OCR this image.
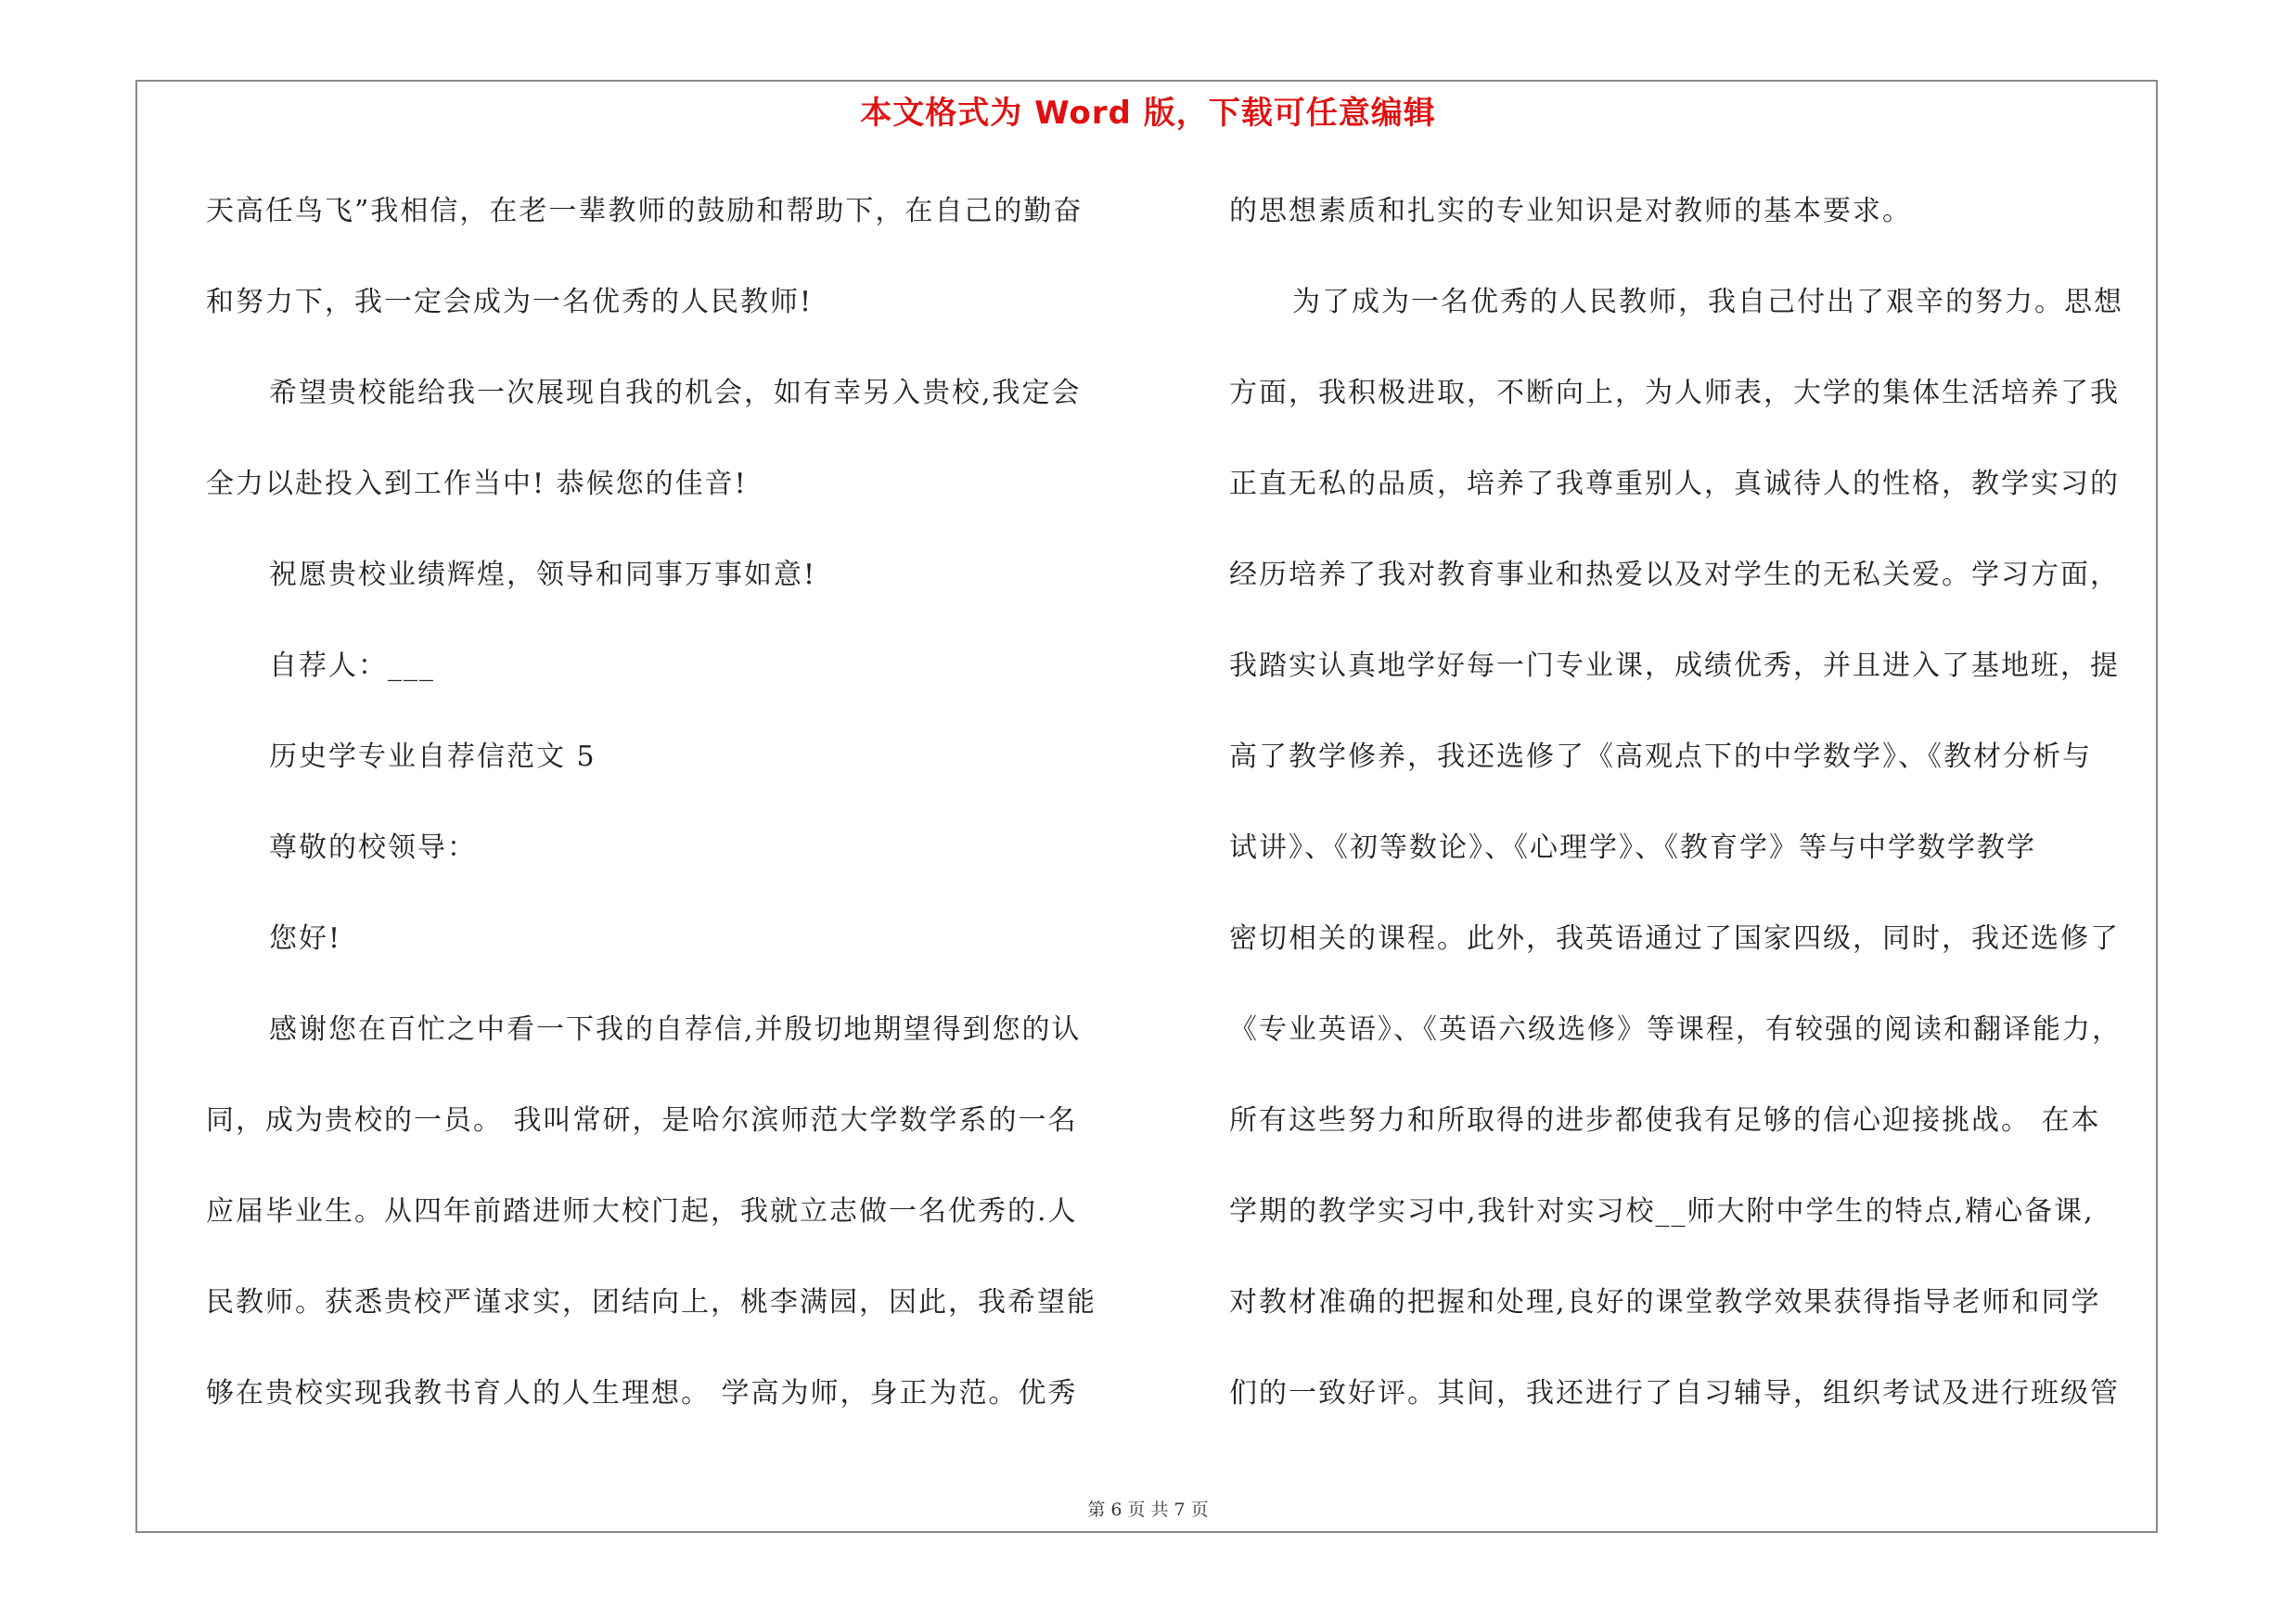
本文格式为 Word 版，下载可任意编辑
天高任鸟飞”我相信，在老一辈教师的鼓励和帮助下，在自己的勤奋
和努力下，我一定会成为一名优秀的人民教师!
希望贵校能给我一次展现自我的机会，如有幸另入贵校,我定会
全力以赴投入到工作当中! 恭候您的佳音!
祝愿贵校业绩辉煌，领导和同事万事如意!
自荐人：___
历史学专业自荐信范文 5
尊敬的校领导：
您好!
感谢您在百忙之中看一下我的自荐信,并殷切地期望得到您的认
同，成为贵校的一员。 我叫常研，是哈尔滨师范大学数学系的一名
应届毕业生。从四年前踏进师大校门起，我就立志做一名优秀的.人
民教师。获悉贵校严谨求实，团结向上，桃李满园，因此，我希望能
够在贵校实现我教书育人的人生理想。 学高为师，身正为范。优秀
的思想素质和扎实的专业知识是对教师的基本要求。
为了成为一名优秀的人民教师，我自己付出了艰辛的努力。思想
方面，我积极进取，不断向上，为人师表，大学的集体生活培养了我
正直无私的品质，培养了我尊重别人，真诚待人的性格，教学实习的
经历培养了我对教育事业和热爱以及对学生的无私关爱。学习方面，
我踏实认真地学好每一门专业课，成绩优秀，并且进入了基地班，提
高了教学修养，我还选修了《高观点下的中学数学》、《教材分析与
试讲》、《初等数论》、《心理学》、《教育学》等与中学数学教学
密切相关的课程。此外，我英语通过了国家四级，同时，我还选修了
《专业英语》、《英语六级选修》等课程，有较强的阅读和翻译能力，
所有这些努力和所取得的进步都使我有足够的信心迎接挑战。 在本
学期的教学实习中,我针对实习校__师大附中学生的特点,精心备课,
对教材准确的把握和处理,良好的课堂教学效果获得指导老师和同学
们的一致好评。其间，我还进行了自习辅导，组织考试及进行班级管
第 6 页 共 7 页
